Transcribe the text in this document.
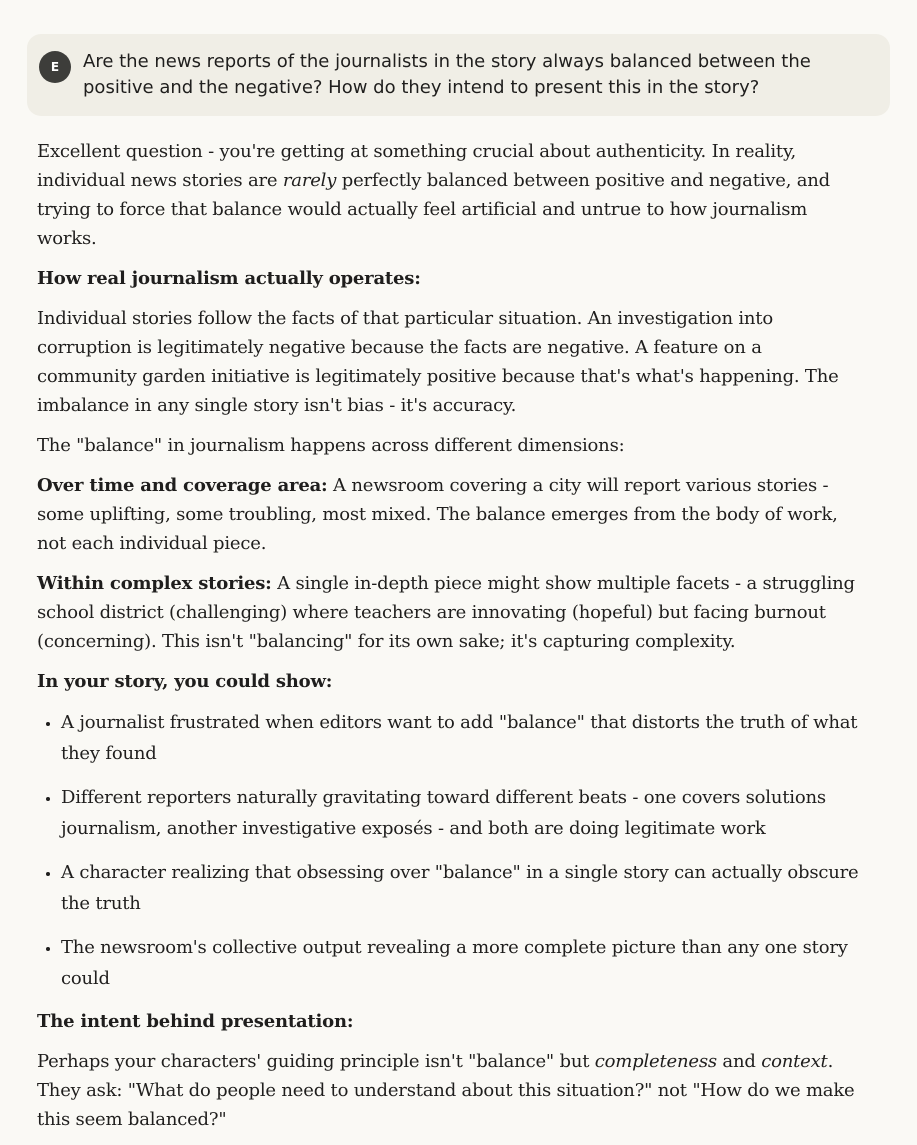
E	Are the news reports of the journalists in the story always balanced between the positive and the negative? How do they intend to present this in the story?

Excellent question - you're getting at something crucial about authenticity. In reality, individual news stories are rarely perfectly balanced between positive and negative, and trying to force that balance would actually feel artificial and untrue to how journalism works.

How real journalism actually operates:

Individual stories follow the facts of that particular situation. An investigation into corruption is legitimately negative because the facts are negative. A feature on a community garden initiative is legitimately positive because that's what's happening. The imbalance in any single story isn't bias - it's accuracy.

The "balance" in journalism happens across different dimensions:

Over time and coverage area: A newsroom covering a city will report various stories - some uplifting, some troubling, most mixed. The balance emerges from the body of work, not each individual piece.

Within complex stories: A single in-depth piece might show multiple facets - a struggling school district (challenging) where teachers are innovating (hopeful) but facing burnout (concerning). This isn't "balancing" for its own sake; it's capturing complexity.

In your story, you could show:

• A journalist frustrated when editors want to add "balance" that distorts the truth of what they found
• Different reporters naturally gravitating toward different beats - one covers solutions journalism, another investigative exposés - and both are doing legitimate work
• A character realizing that obsessing over "balance" in a single story can actually obscure the truth
• The newsroom's collective output revealing a more complete picture than any one story could

The intent behind presentation:

Perhaps your characters' guiding principle isn't "balance" but completeness and context. They ask: "What do people need to understand about this situation?" not "How do we make this seem balanced?"
